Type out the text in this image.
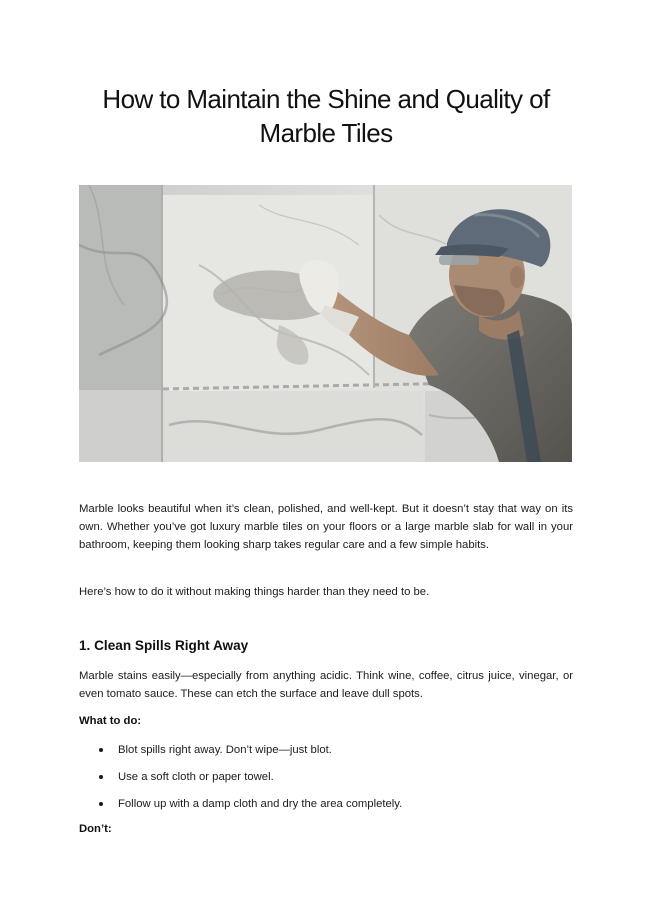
How to Maintain the Shine and Quality of Marble Tiles

Marble looks beautiful when it’s clean, polished, and well-kept. But it doesn’t stay that way on its own. Whether you’ve got luxury marble tiles on your floors or a large marble slab for wall in your bathroom, keeping them looking sharp takes regular care and a few simple habits.

Here’s how to do it without making things harder than they need to be.

1. Clean Spills Right Away

Marble stains easily—especially from anything acidic. Think wine, coffee, citrus juice, vinegar, or even tomato sauce. These can etch the surface and leave dull spots.

What to do:

Blot spills right away. Don’t wipe—just blot.
Use a soft cloth or paper towel.
Follow up with a damp cloth and dry the area completely.

Don’t:
